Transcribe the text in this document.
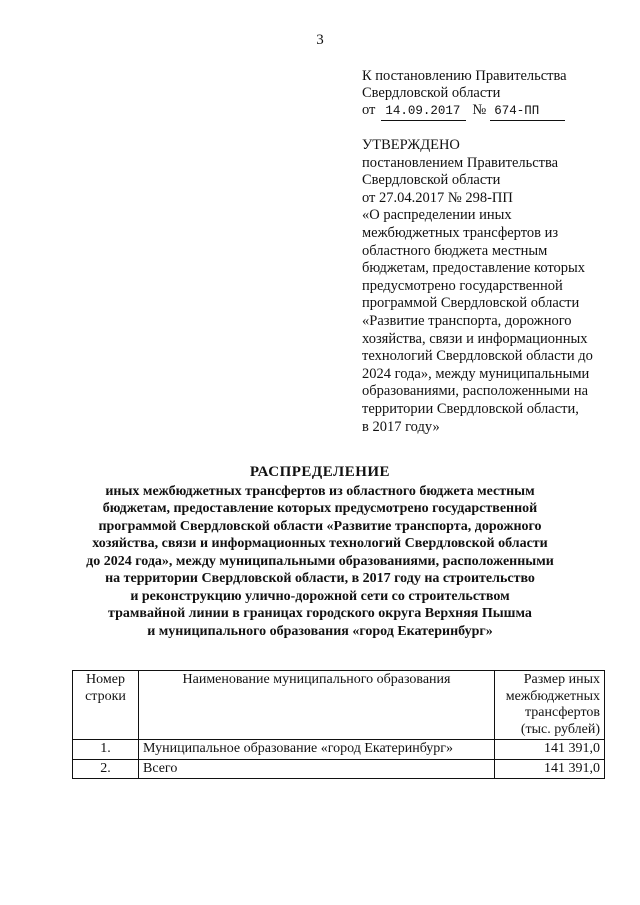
3
К постановлению Правительства
Свердловской области
от 14.09.2017 № 674-ПП
УТВЕРЖДЕНО
постановлением Правительства
Свердловской области
от 27.04.2017 № 298-ПП
«О распределении иных
межбюджетных трансфертов из
областного бюджета местным
бюджетам, предоставление которых
предусмотрено государственной
программой Свердловской области
«Развитие транспорта, дорожного
хозяйства, связи и информационных
технологий Свердловской области до
2024 года», между муниципальными
образованиями, расположенными на
территории Свердловской области,
в 2017 году»
РАСПРЕДЕЛЕНИЕ
иных межбюджетных трансфертов из областного бюджета местным
бюджетам, предоставление которых предусмотрено государственной
программой Свердловской области «Развитие транспорта, дорожного
хозяйства, связи и информационных технологий Свердловской области
до 2024 года», между муниципальными образованиями, расположенными
на территории Свердловской области, в 2017 году на строительство
и реконструкцию улично-дорожной сети со строительством
трамвайной линии в границах городского округа Верхняя Пышма
и муниципального образования «город Екатеринбург»
Номер строки	Наименование муниципального образования	Размер иных межбюджетных трансфертов (тыс. рублей)
1.	Муниципальное образование «город Екатеринбург»	141 391,0
2.	Всего	141 391,0
